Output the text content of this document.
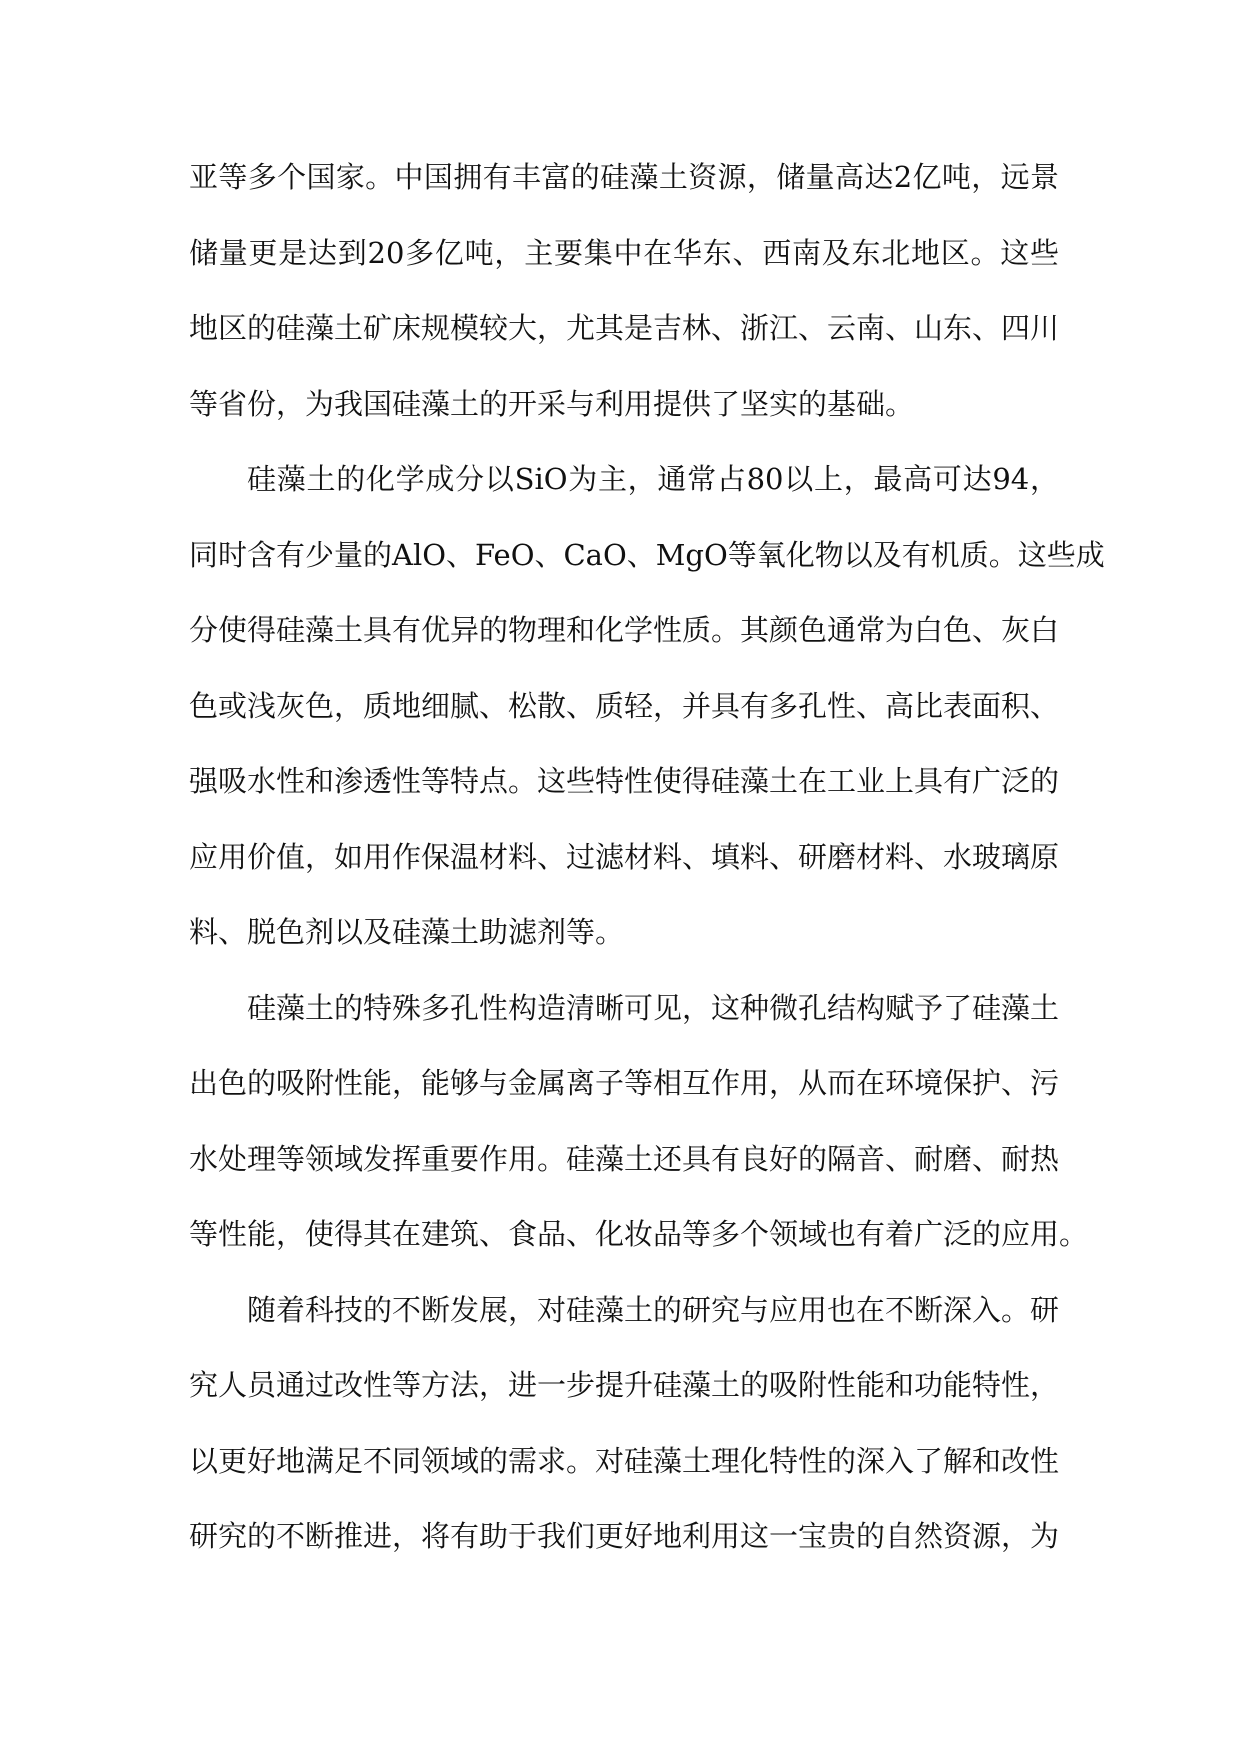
亚等多个国家。中国拥有丰富的硅藻土资源，储量高达2亿吨，远景
储量更是达到20多亿吨，主要集中在华东、西南及东北地区。这些
地区的硅藻土矿床规模较大，尤其是吉林、浙江、云南、山东、四川
等省份，为我国硅藻土的开采与利用提供了坚实的基础。
硅藻土的化学成分以SiO为主，通常占80以上，最高可达94，
同时含有少量的AlO、FeO、CaO、MgO等氧化物以及有机质。这些成
分使得硅藻土具有优异的物理和化学性质。其颜色通常为白色、灰白
色或浅灰色，质地细腻、松散、质轻，并具有多孔性、高比表面积、
强吸水性和渗透性等特点。这些特性使得硅藻土在工业上具有广泛的
应用价值，如用作保温材料、过滤材料、填料、研磨材料、水玻璃原
料、脱色剂以及硅藻土助滤剂等。
硅藻土的特殊多孔性构造清晰可见，这种微孔结构赋予了硅藻土
出色的吸附性能，能够与金属离子等相互作用，从而在环境保护、污
水处理等领域发挥重要作用。硅藻土还具有良好的隔音、耐磨、耐热
等性能，使得其在建筑、食品、化妆品等多个领域也有着广泛的应用。
随着科技的不断发展，对硅藻土的研究与应用也在不断深入。研
究人员通过改性等方法，进一步提升硅藻土的吸附性能和功能特性，
以更好地满足不同领域的需求。对硅藻土理化特性的深入了解和改性
研究的不断推进，将有助于我们更好地利用这一宝贵的自然资源，为
